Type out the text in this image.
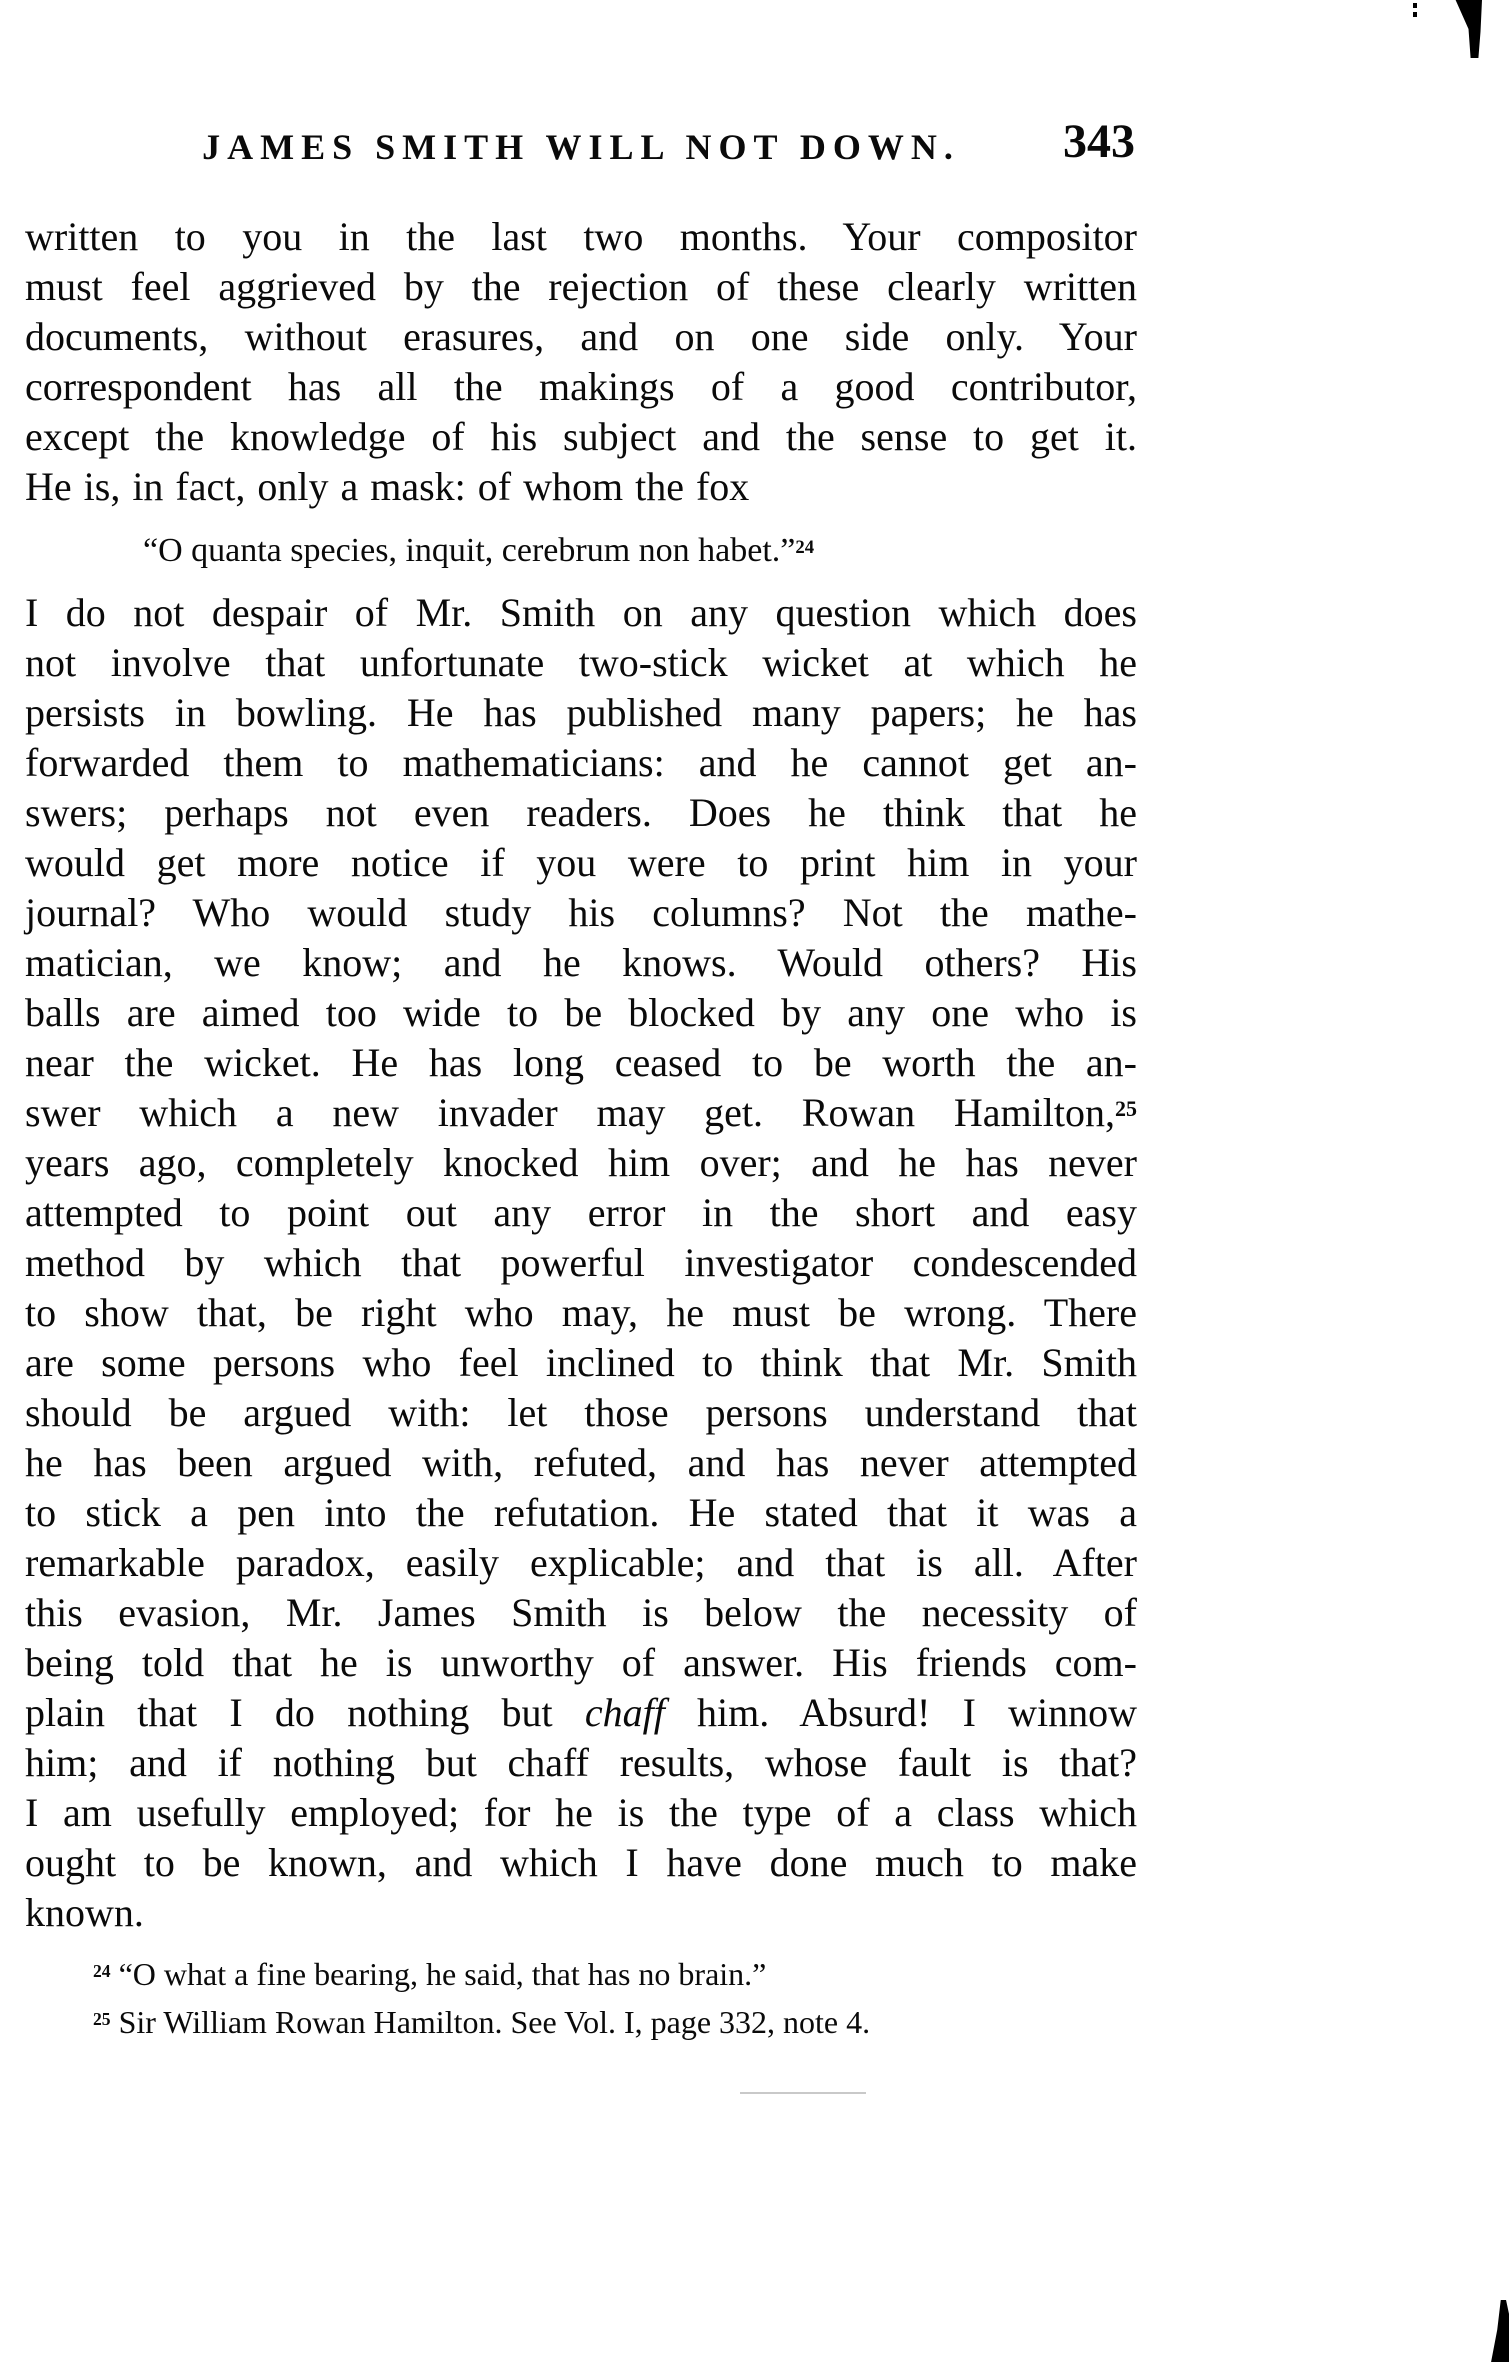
JAMES SMITH WILL NOT DOWN.	343
written to you in the last two months. Your compositor
must feel aggrieved by the rejection of these clearly written
documents, without erasures, and on one side only. Your
correspondent has all the makings of a good contributor,
except the knowledge of his subject and the sense to get it.
He is, in fact, only a mask: of whom the fox
“O quanta species, inquit, cerebrum non habet.”$^{24}$
I do not despair of Mr. Smith on any question which does
not involve that unfortunate two-stick wicket at which he
persists in bowling. He has published many papers; he has
forwarded them to mathematicians: and he cannot get an-
swers; perhaps not even readers. Does he think that he
would get more notice if you were to print him in your
journal? Who would study his columns? Not the mathe-
matician, we know; and he knows. Would others? His
balls are aimed too wide to be blocked by any one who is
near the wicket. He has long ceased to be worth the an-
swer which a new invader may get. Rowan Hamilton,$^{25}$
years ago, completely knocked him over; and he has never
attempted to point out any error in the short and easy
method by which that powerful investigator condescended
to show that, be right who may, he must be wrong. There
are some persons who feel inclined to think that Mr. Smith
should be argued with: let those persons understand that
he has been argued with, refuted, and has never attempted
to stick a pen into the refutation. He stated that it was a
remarkable paradox, easily explicable; and that is all. After
this evasion, Mr. James Smith is below the necessity of
being told that he is unworthy of answer. His friends com-
plain that I do nothing but chaff him. Absurd! I winnow
him; and if nothing but chaff results, whose fault is that?
I am usefully employed; for he is the type of a class which
ought to be known, and which I have done much to make
known.
$^{24}$ “O what a fine bearing, he said, that has no brain.”
$^{25}$ Sir William Rowan Hamilton. See Vol. I, page 332, note 4.
